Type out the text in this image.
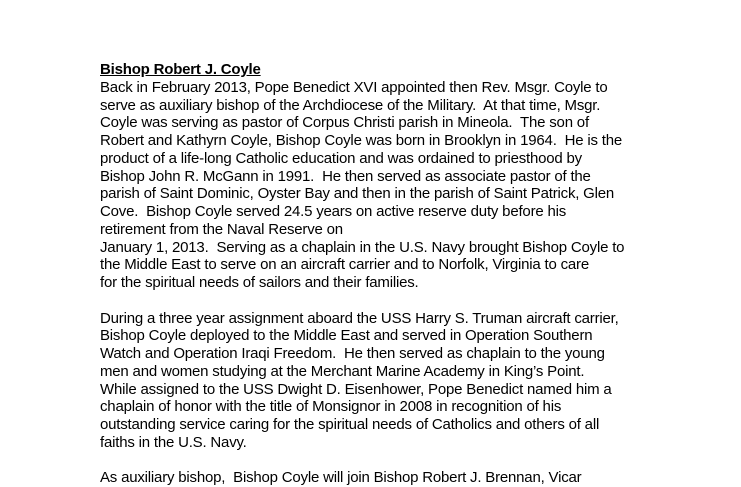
Bishop Robert J. Coyle
Back in February 2013, Pope Benedict XVI appointed then Rev. Msgr. Coyle to
serve as auxiliary bishop of the Archdiocese of the Military.  At that time, Msgr.
Coyle was serving as pastor of Corpus Christi parish in Mineola.  The son of
Robert and Kathyrn Coyle, Bishop Coyle was born in Brooklyn in 1964.  He is the
product of a life-long Catholic education and was ordained to priesthood by
Bishop John R. McGann in 1991.  He then served as associate pastor of the
parish of Saint Dominic, Oyster Bay and then in the parish of Saint Patrick, Glen
Cove.  Bishop Coyle served 24.5 years on active reserve duty before his
retirement from the Naval Reserve on
January 1, 2013.  Serving as a chaplain in the U.S. Navy brought Bishop Coyle to
the Middle East to serve on an aircraft carrier and to Norfolk, Virginia to care
for the spiritual needs of sailors and their families.
During a three year assignment aboard the USS Harry S. Truman aircraft carrier,
Bishop Coyle deployed to the Middle East and served in Operation Southern
Watch and Operation Iraqi Freedom.  He then served as chaplain to the young
men and women studying at the Merchant Marine Academy in King’s Point.
While assigned to the USS Dwight D. Eisenhower, Pope Benedict named him a
chaplain of honor with the title of Monsignor in 2008 in recognition of his
outstanding service caring for the spiritual needs of Catholics and others of all
faiths in the U.S. Navy.
As auxiliary bishop,  Bishop Coyle will join Bishop Robert J. Brennan, Vicar
